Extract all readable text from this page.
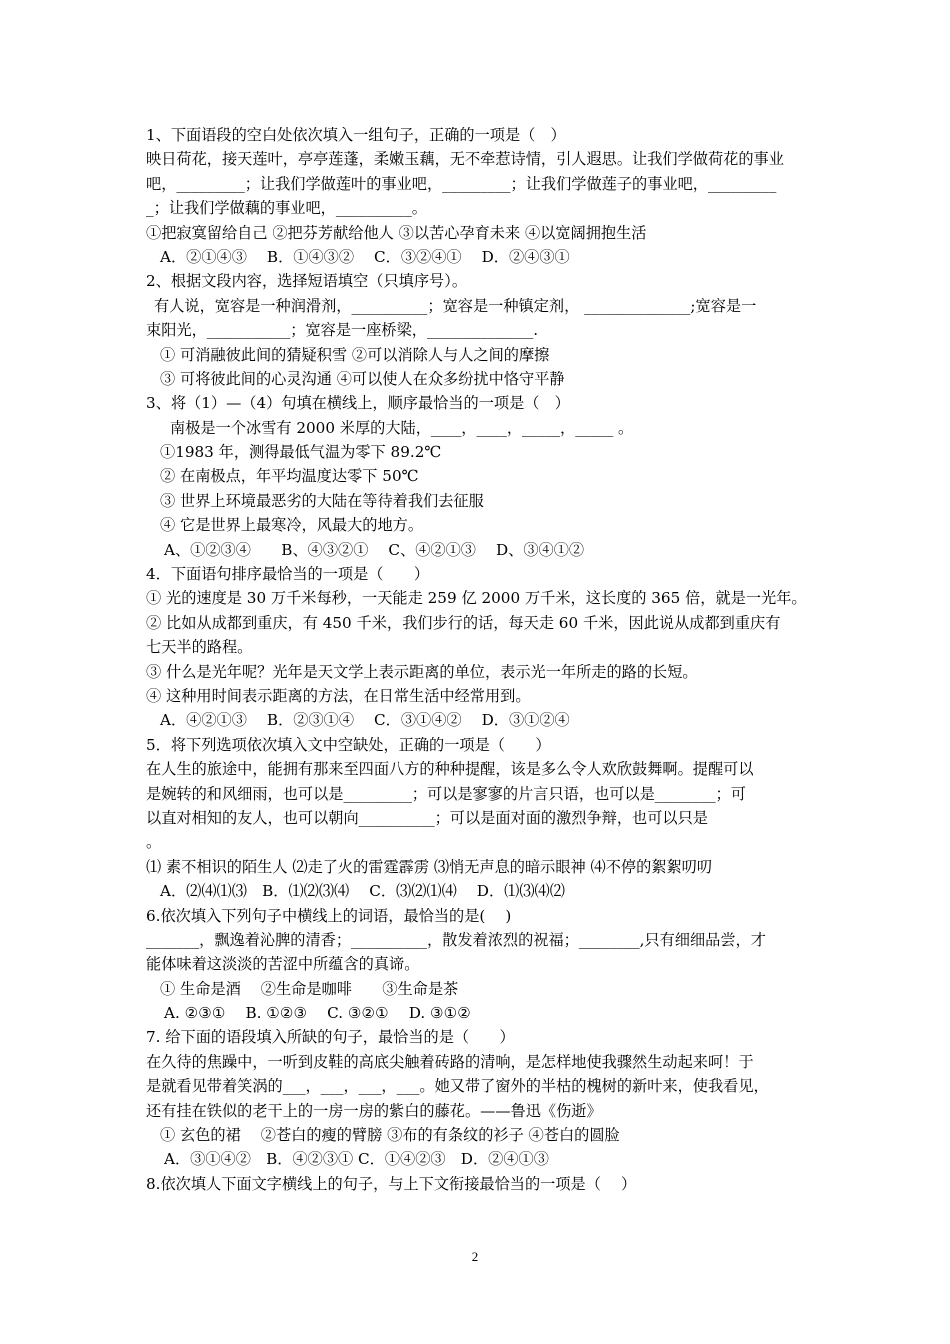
1、下面语段的空白处依次填入一组句子，正确的一项是（　）
映日荷花，接天莲叶，亭亭莲蓬，柔嫩玉藕，无不牵惹诗情，引人遐思。让我们学做荷花的事业
吧，_________；让我们学做莲叶的事业吧，_________；让我们学做莲子的事业吧，_________
_；让我们学做藕的事业吧，__________。
①把寂寞留给自己 ②把芬芳献给他人 ③以苦心孕育未来 ④以宽阔拥抱生活
A．②①④③　 B．①④③②　 C．③②④①　 D．②④③①
2、根据文段内容，选择短语填空（只填序号）。
有人说，宽容是一种润滑剂，__________；宽容是一种镇定剂， ______________;宽容是一
束阳光，___________；宽容是一座桥梁，______________.
① 可消融彼此间的猜疑积雪 ②可以消除人与人之间的摩擦
③ 可将彼此间的心灵沟通 ④可以使人在众多纷扰中恪守平静
3、将（1）—（4）句填在横线上，顺序最恰当的一项是（　）
南极是一个冰雪有 2000 米厚的大陆，____，____，_____，_____ 。
①1983 年，测得最低气温为零下 89.2℃
② 在南极点，年平均温度达零下 50℃
③ 世界上环境最恶劣的大陆在等待着我们去征服
④ 它是世界上最寒冷，风最大的地方。
A、①②③④　　B、④③②①　 C、④②①③　 D、③④①②
4．下面语句排序最恰当的一项是（　　）
① 光的速度是 30 万千米每秒，一天能走 259 亿 2000 万千米，这长度的 365 倍，就是一光年。
② 比如从成都到重庆，有 450 千米，我们步行的话，每天走 60 千米，因此说从成都到重庆有
七天半的路程。
③ 什么是光年呢？光年是天文学上表示距离的单位，表示光一年所走的路的长短。
④ 这种用时间表示距离的方法，在日常生活中经常用到。
A．④②①③　 B．②③①④　 C．③①④②　 D．③①②④
5．将下列选项依次填入文中空缺处，正确的一项是（　　）
在人生的旅途中，能拥有那来至四面八方的种种提醒，该是多么令人欢欣鼓舞啊。提醒可以
是婉转的和风细雨，也可以是_________；可以是寥寥的片言只语，也可以是________；可
以直对相知的友人，也可以朝向__________；可以是面对面的激烈争辩，也可以只是
。
⑴ 素不相识的陌生人 ⑵走了火的雷霆霹雳 ⑶悄无声息的暗示眼神 ⑷不停的絮絮叨叨
A．⑵⑷⑴⑶　B．⑴⑵⑶⑷　 C．⑶⑵⑴⑷　 D．⑴⑶⑷⑵
6.依次填入下列句子中横线上的词语，最恰当的是(　 )
_______，飘逸着沁脾的清香；__________，散发着浓烈的祝福；________,只有细细品尝，才
能体味着这淡淡的苦涩中所蕴含的真谛。
① 生命是酒　 ②生命是咖啡　　③生命是茶
A. ②③①　 B. ①②③　 C. ③②①　 D. ③①②
7. 给下面的语段填入所缺的句子，最恰当的是（　　）
在久待的焦躁中，一听到皮鞋的高底尖触着砖路的清响，是怎样地使我骤然生动起来呵！于
是就看见带着笑涡的___，___，___，___。她又带了窗外的半枯的槐树的新叶来，使我看见，
还有挂在铁似的老干上的一房一房的紫白的藤花。——鲁迅《伤逝》
① 玄色的裙　 ②苍白的瘦的臂膀 ③布的有条纹的衫子 ④苍白的圆脸
A．③①④②　B．④②③① C．①④②③　D．②④①③
8.依次填人下面文字横线上的句子，与上下文衔接最恰当的一项是（　 ）
2
